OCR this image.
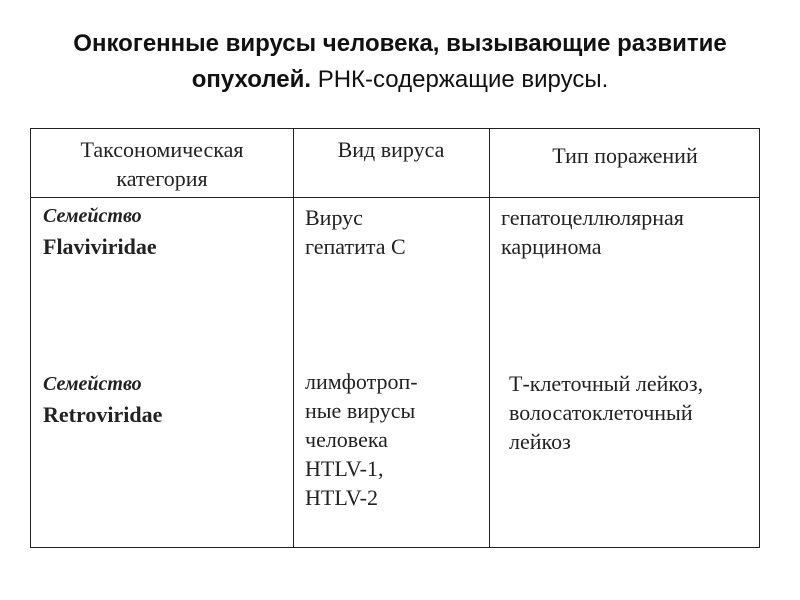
Онкогенные вирусы человека, вызывающие развитие опухолей. РНК-содержащие вирусы.
Таксономическая
категория
Вид вируса	Тип поражений
Семейство
Flaviviridae
Вирус
гепатита С
гепатоцеллюлярная
карцинома
Семейство
Retroviridae
лимфотроп-
ные вирусы
человека
HTLV-1,
HTLV-2
Т-клеточный лейкоз,
волосатоклеточный
лейкоз
